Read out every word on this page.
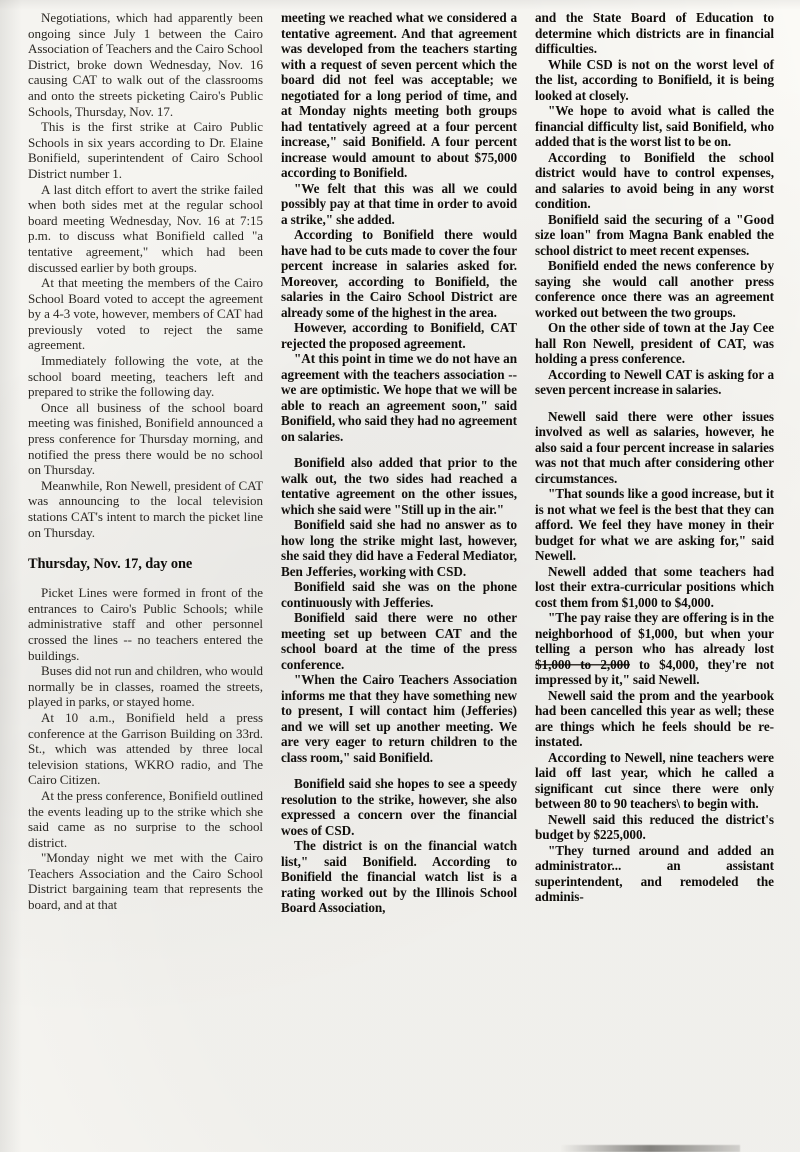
Negotiations, which had apparently been ongoing since July 1 between the Cairo Association of Teachers and the Cairo School District, broke down Wednesday, Nov. 16 causing CAT to walk out of the classrooms and onto the streets picketing Cairo's Public Schools, Thursday, Nov. 17.

This is the first strike at Cairo Public Schools in six years according to Dr. Elaine Bonifield, superintendent of Cairo School District number 1.

A last ditch effort to avert the strike failed when both sides met at the regular school board meeting Wednesday, Nov. 16 at 7:15 p.m. to discuss what Bonifield called "a tentative agreement," which had been discussed earlier by both groups.

At that meeting the members of the Cairo School Board voted to accept the agreement by a 4-3 vote, however, members of CAT had previously voted to reject the same agreement.

Immediately following the vote, at the school board meeting, teachers left and prepared to strike the following day.

Once all business of the school board meeting was finished, Bonifield announced a press conference for Thursday morning, and notified the press there would be no school on Thursday.

Meanwhile, Ron Newell, president of CAT was announcing to the local television stations CAT's intent to march the picket line on Thursday.

Thursday, Nov. 17, day one

Picket Lines were formed in front of the entrances to Cairo's Public Schools; while administrative staff and other personnel crossed the lines -- no teachers entered the buildings.

Buses did not run and children, who would normally be in classes, roamed the streets, played in parks, or stayed home.

At 10 a.m., Bonifield held a press conference at the Garrison Building on 33rd. St., which was attended by three local television stations, WKRO radio, and The Cairo Citizen.

At the press conference, Bonifield outlined the events leading up to the strike which she said came as no surprise to the school district.

"Monday night we met with the Cairo Teachers Association and the Cairo School District bargaining team that represents the board, and at that

meeting we reached what we considered a tentative agreement. And that agreement was developed from the teachers starting with a request of seven percent which the board did not feel was acceptable; we negotiated for a long period of time, and at Monday nights meeting both groups had tentatively agreed at a four percent increase," said Bonifield. A four percent increase would amount to about $75,000 according to Bonifield.

"We felt that this was all we could possibly pay at that time in order to avoid a strike," she added.

According to Bonifield there would have had to be cuts made to cover the four percent increase in salaries asked for. Moreover, according to Bonifield, the salaries in the Cairo School District are already some of the highest in the area.

However, according to Bonifield, CAT rejected the proposed agreement.

"At this point in time we do not have an agreement with the teachers association -- we are optimistic. We hope that we will be able to reach an agreement soon," said Bonifield, who said they had no agreement on salaries.

Bonifield also added that prior to the walk out, the two sides had reached a tentative agreement on the other issues, which she said were "Still up in the air."

Bonifield said she had no answer as to how long the strike might last, however, she said they did have a Federal Mediator, Ben Jefferies, working with CSD.

Bonifield said she was on the phone continuously with Jefferies.

Bonifield said there were no other meeting set up between CAT and the school board at the time of the press conference.

"When the Cairo Teachers Association informs me that they have something new to present, I will contact him (Jefferies) and we will set up another meeting. We are very eager to return children to the class room," said Bonifield.

Bonifield said she hopes to see a speedy resolution to the strike, however, she also expressed a concern over the financial woes of CSD.

The district is on the financial watch list," said Bonifield. According to Bonifield the financial watch list is a rating worked out by the Illinois School Board Association,

and the State Board of Education to determine which districts are in financial difficulties.

While CSD is not on the worst level of the list, according to Bonifield, it is being looked at closely.

"We hope to avoid what is called the financial difficulty list, said Bonifield, who added that is the worst list to be on.

According to Bonifield the school district would have to control expenses, and salaries to avoid being in any worst condition.

Bonifield said the securing of a "Good size loan" from Magna Bank enabled the school district to meet recent expenses.

Bonifield ended the news conference by saying she would call another press conference once there was an agreement worked out between the two groups.

On the other side of town at the Jay Cee hall Ron Newell, president of CAT, was holding a press conference.

According to Newell CAT is asking for a seven percent increase in salaries.

Newell said there were other issues involved as well as salaries, however, he also said a four percent increase in salaries was not that much after considering other circumstances.

"That sounds like a good increase, but it is not what we feel is the best that they can afford. We feel they have money in their budget for what we are asking for," said Newell.

Newell added that some teachers had lost their extra-curricular positions which cost them from $1,000 to $4,000.

"The pay raise they are offering is in the neighborhood of $1,000, but when your telling a person who has already lost $1,000 to 2,000 to $4,000, they're not impressed by it," said Newell.

Newell said the prom and the yearbook had been cancelled this year as well; these are things which he feels should be re-instated.

According to Newell, nine teachers were laid off last year, which he called a significant cut since there were only between 80 to 90 teachers\ to begin with.

Newell said this reduced the district's budget by $225,000.

"They turned around and added an administrator... an assistant superintendent, and remodeled the adminis-
